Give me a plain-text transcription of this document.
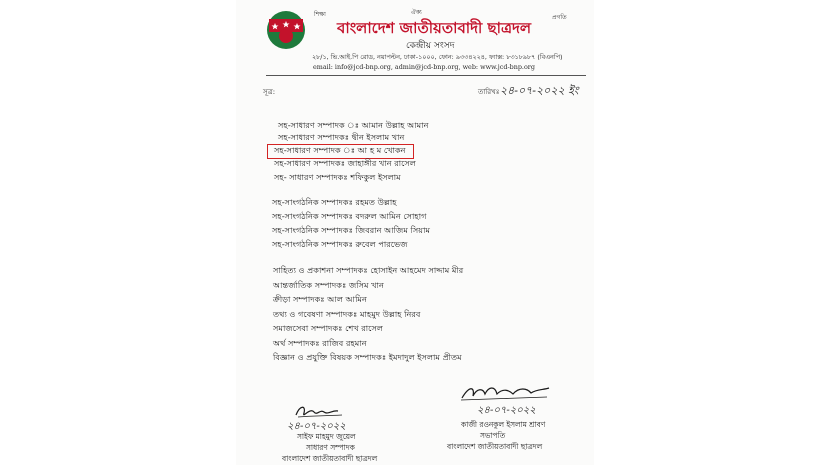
শিক্ষা	ঐক্য
প্রগতি
বাংলাদেশ জাতীয়তাবাদী ছাত্রদল
কেন্দ্রীয় সংসদ
২৮/১, ভি.আই.পি রোড, নয়াপল্টন, ঢাকা-১০০০, ফোন: ৯৩৩৪২২৪, ফ্যাক্স: ৮৩১৮৯৮৭ (বিএনপি)
email: info@jcd-bnp.org, admin@jcd-bnp.org, web: www.jcd-bnp.org
সূত্র:	তারিখঃ ২৪-০৭-২০২২ ইং
সহ-সাধারণ সম্পাদক ঃ আমান উল্লাহ আমান
সহ-সাধারণ সম্পাদকঃ দ্বীন ইসলাম খান
সহ-সাধারণ সম্পাদক ঃ আ হ ম খোকন
সহ-সাধারণ সম্পাদকঃ জাহাঙ্গীর খান রাসেল
সহ- সাধারণ সম্পাদকঃ শফিকুল ইসলাম
সহ-সাংগঠনিক সম্পাদকঃ রহমত উল্লাহ
সহ-সাংগঠনিক সম্পাদকঃ বদরুল আমিন সোহাগ
সহ-সাংগঠনিক সম্পাদকঃ জিবরান আজিম সিয়াম
সহ-সাংগঠনিক সম্পাদকঃ রুবেল পারভেজ
সাহিত্য ও প্রকাশনা সম্পাদকঃ হোসাইন আহমেদ সাদ্দাম মীর
আন্তর্জাতিক সম্পাদকঃ জসিম খান
ক্রীড়া সম্পাদকঃ আল আমিন
তথ্য ও গবেষণা সম্পাদকঃ মাহমুদ উল্লাহ নিরব
সমাজসেবা সম্পাদকঃ শেখ রাসেল
অর্থ সম্পাদকঃ রাজিব রহমান
বিজ্ঞান ও প্রযুক্তি বিষয়ক সম্পাদকঃ ইমদাদুল ইসলাম প্রীতম
২৪-০৭-২০২২
সাইফ মাহমুদ জুয়েল
সাধারণ সম্পাদক
বাংলাদেশ জাতীয়তাবাদী ছাত্রদল
২৪-০৭-২০২২
কাজী রওনকুল ইসলাম শ্রাবণ
সভাপতি
বাংলাদেশ জাতীয়তাবাদী ছাত্রদল
